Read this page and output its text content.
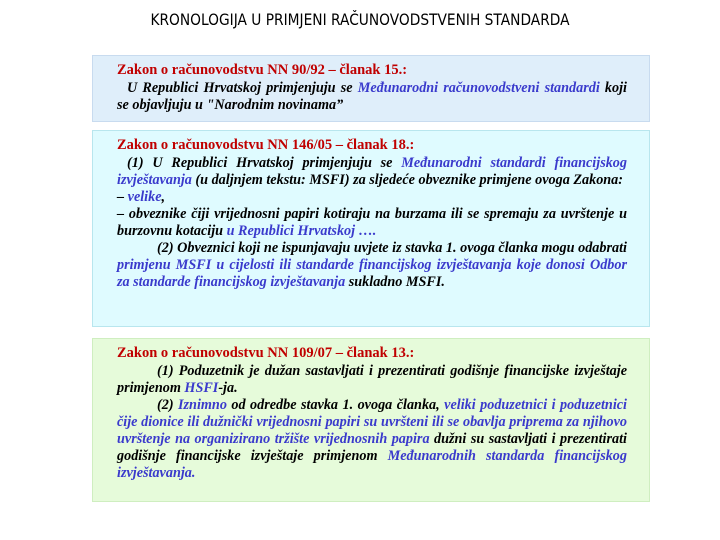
KRONOLOGIJA U PRIMJENI RAČUNOVODSTVENIH STANDARDA
Zakon o računovodstvu NN 90/92 – članak 15.:

U Republici Hrvatskoj primjenjuju se Međunarodni računovodstveni standardi koji se objavljuju u "Narodnim novinama”

Zakon o računovodstvu NN 146/05 – članak 18.:

(1) U Republici Hrvatskoj primjenjuju se Međunarodni standardi financijskog izvještavanja (u daljnjem tekstu: MSFI) za sljedeće obveznike primjene ovoga Zakona:

– velike,

– obveznike čiji vrijednosni papiri kotiraju na burzama ili se spremaju za uvrštenje u burzovnu kotaciju u Republici Hrvatskoj ….

(2) Obveznici koji ne ispunjavaju uvjete iz stavka 1. ovoga članka mogu odabrati primjenu MSFI u cijelosti ili standarde financijskog izvještavanja koje donosi Odbor za standarde financijskog izvještavanja sukladno MSFI.

Zakon o računovodstvu NN 109/07 – članak 13.:

(1) Poduzetnik je dužan sastavljati i prezentirati godišnje financijske izvještaje primjenom HSFI-ja.

(2) Iznimno od odredbe stavka 1. ovoga članka, veliki poduzetnici i poduzetnici čije dionice ili dužnički vrijednosni papiri su uvršteni ili se obavlja pripremа za njihovo uvrštenje na organizirano tržište vrijednosnih papira dužni su sastavljati i prezentirati godišnje financijske izvještaje primjenom Međunarodnih standarda financijskog izvještavanja.
